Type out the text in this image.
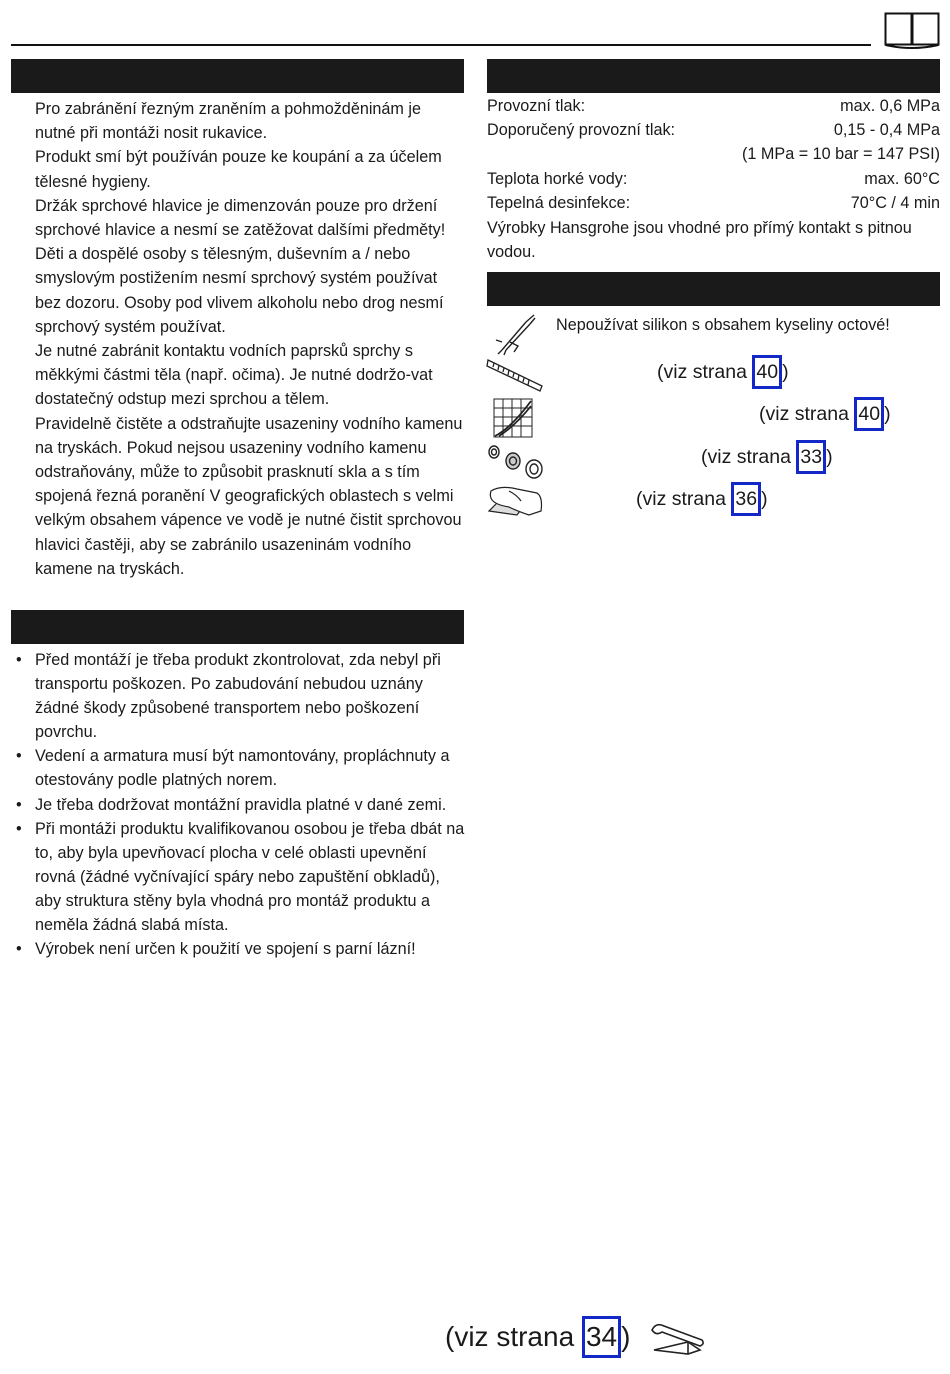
Pro zabránění řezným zraněním a pohmožděninám je nutné při montáži nosit rukavice.

Produkt smí být používán pouze ke koupání a za účelem tělesné hygieny.

Držák sprchové hlavice je dimenzován pouze pro držení sprchové hlavice a nesmí se zatěžovat dalšími předměty!

Děti a dospělé osoby s tělesným, duševním a / nebo smyslovým postižením nesmí sprchový systém používat bez dozoru. Osoby pod vlivem alkoholu nebo drog nesmí sprchový systém používat.

Je nutné zabránit kontaktu vodních paprsků sprchy s měkkými částmi těla (např. očima). Je nutné dodržo-vat dostatečný odstup mezi sprchou a tělem.

Pravidelně čistěte a odstraňujte usazeniny vodního kamenu na tryskách. Pokud nejsou usazeniny vodního kamenu odstraňovány, může to způsobit prasknutí skla a s tím spojená řezná poranění V geografických oblastech s velmi velkým obsahem vápence ve vodě je nutné čistit sprchovou hlavici častěji, aby se zabránilo usazeninám vodního kamene na tryskách.

• Před montáží je třeba produkt zkontrolovat, zda nebyl při transportu poškozen. Po zabudování nebudou uznány žádné škody způsobené transportem nebo poškození povrchu.
• Vedení a armatura musí být namontovány, propláchnuty a otestovány podle platných norem.
• Je třeba dodržovat montážní pravidla platné v dané zemi.
• Při montáži produktu kvalifikovanou osobou je třeba dbát na to, aby byla upevňovací plocha v celé oblasti upevnění rovná (žádné vyčnívající spáry nebo zapuštění obkladů), aby struktura stěny byla vhodná pro montáž produktu a neměla žádná slabá místa.
• Výrobek není určen k použití ve spojení s parní lázní!
Provozní tlak:	max. 0,6 MPa
Doporučený provozní tlak:	0,15 - 0,4 MPa
(1 MPa = 10 bar = 147 PSI)
Teplota horké vody:	max. 60°C
Tepelná desinfekce:	70°C / 4 min
Výrobky Hansgrohe jsou vhodné pro přímý kontakt s pitnou vodou.
Nepoužívat silikon s obsahem kyseliny octové!
(viz strana 40 )
(viz strana 40 )
(viz strana 33 )
(viz strana 36 )
(viz strana 34 )
